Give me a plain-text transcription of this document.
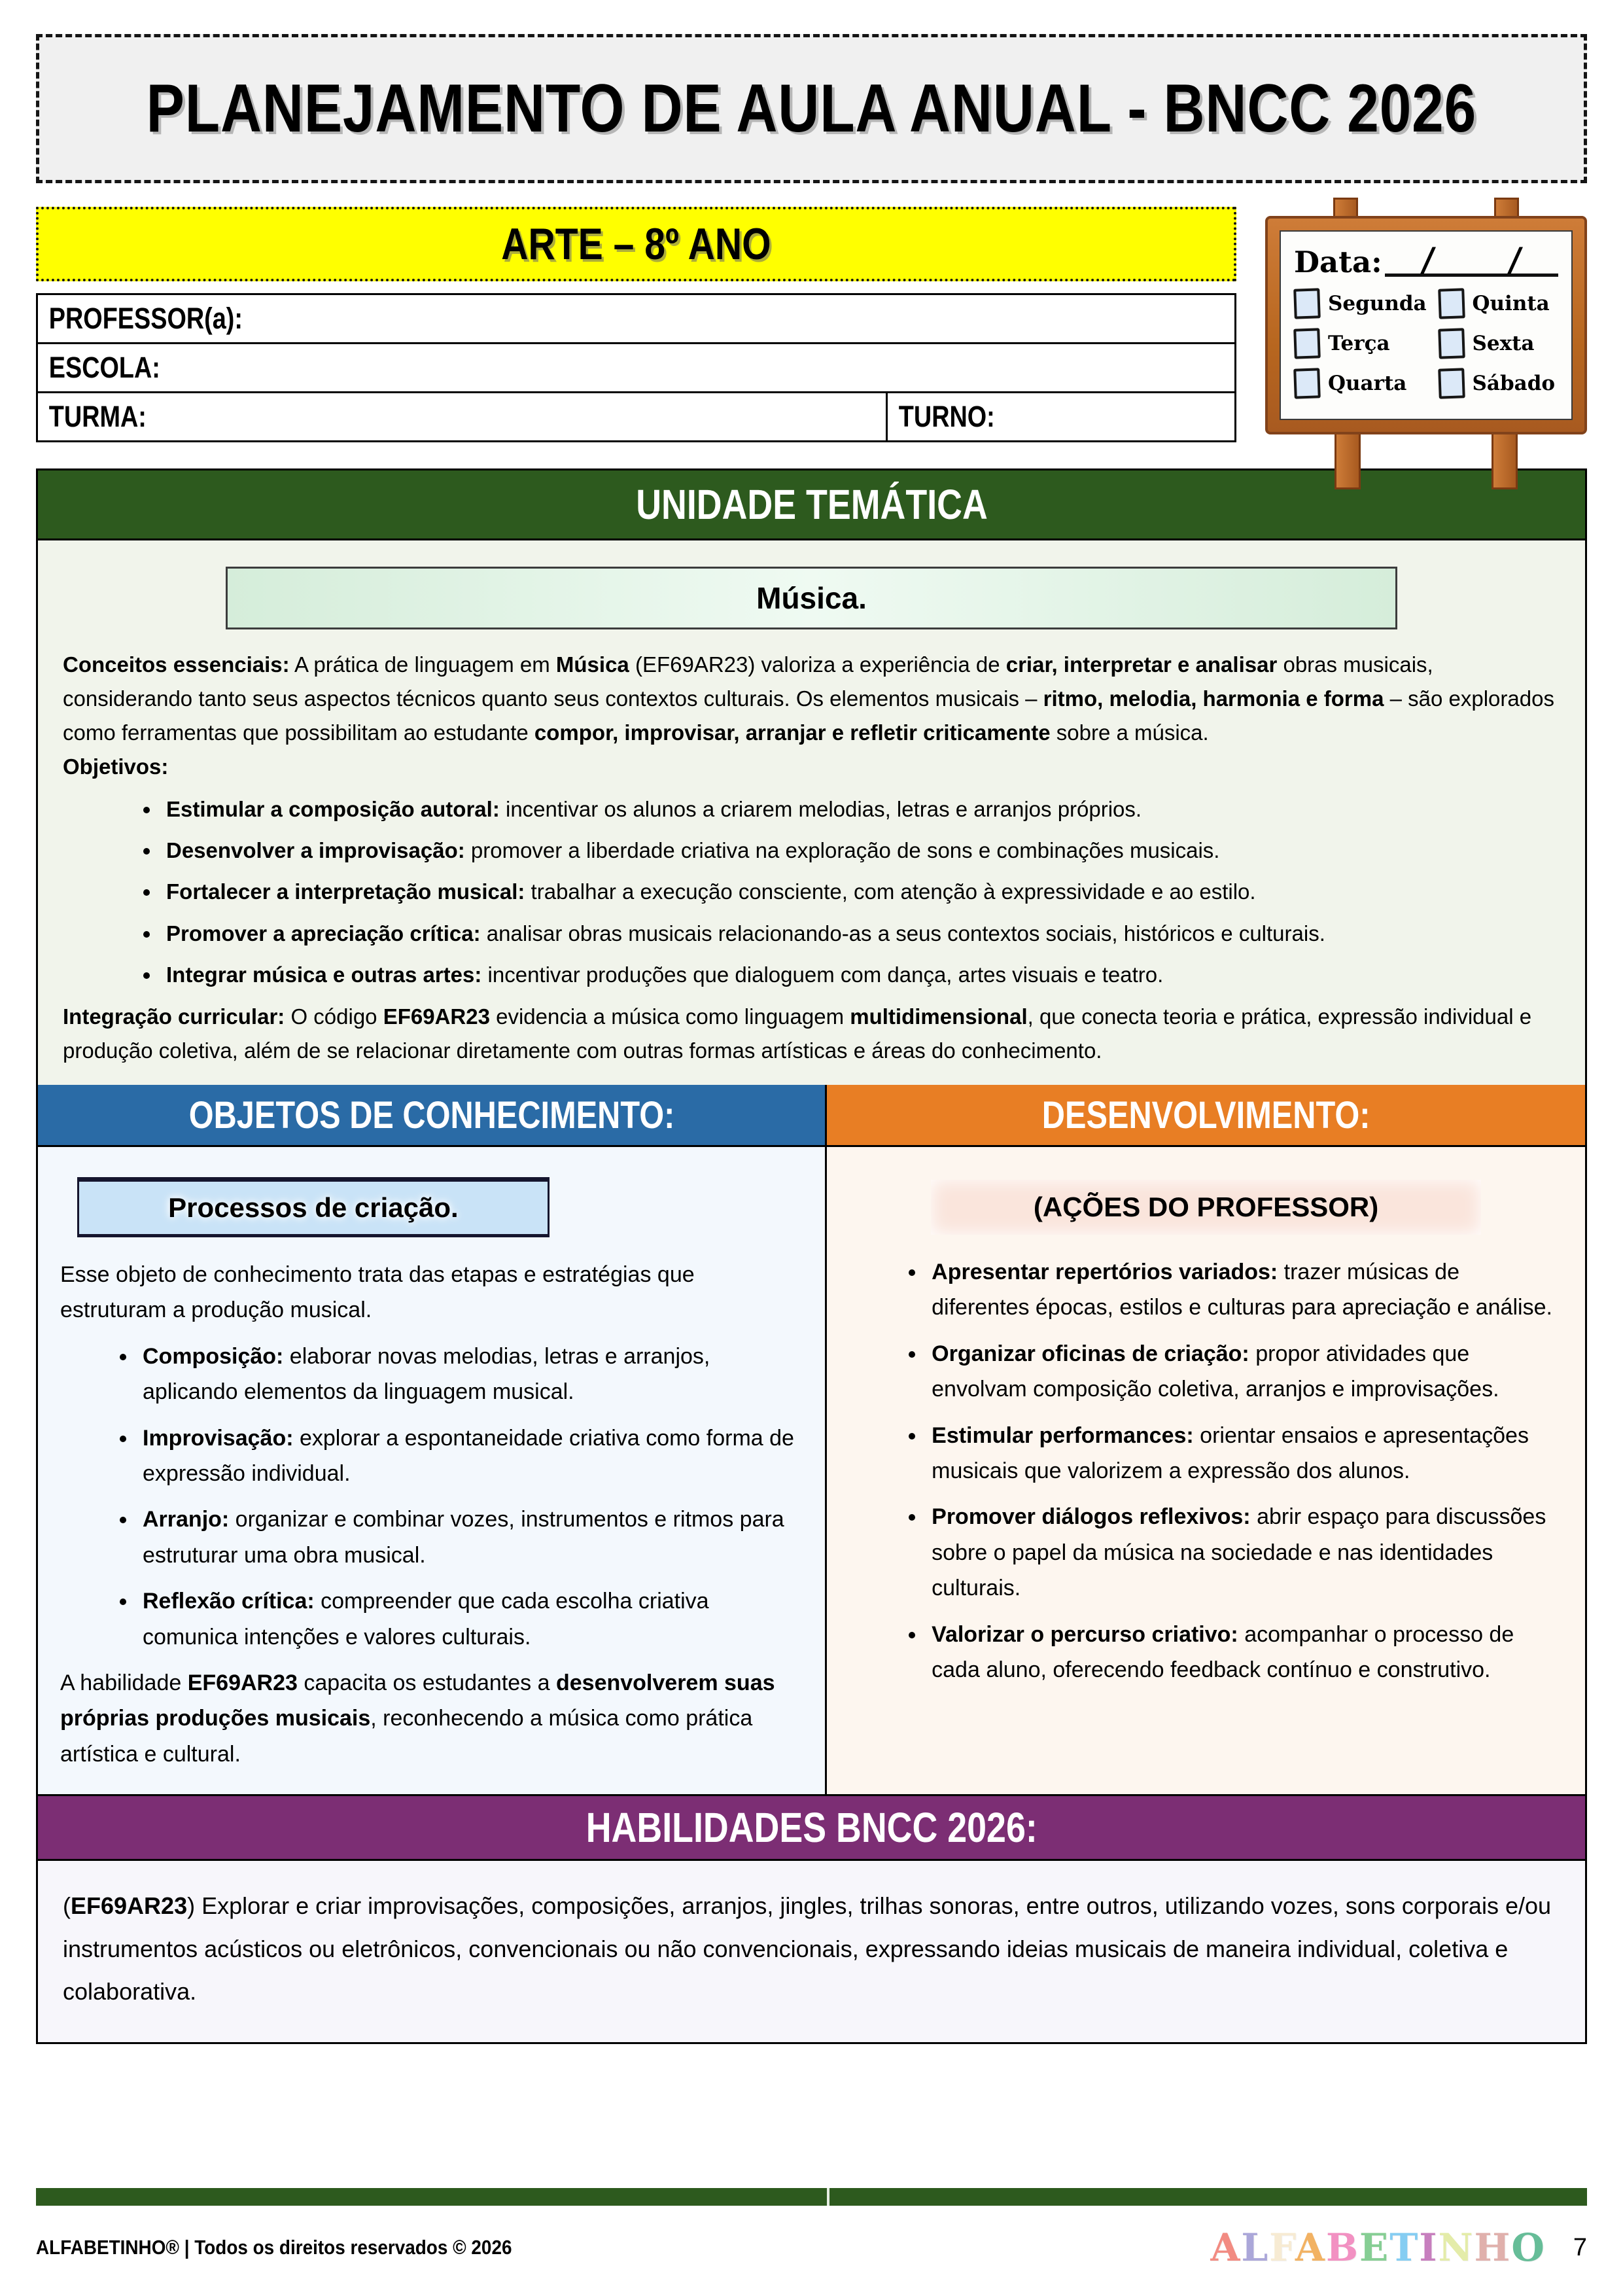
PLANEJAMENTO DE AULA ANUAL - BNCC 2026
ARTE – 8º ANO
PROFESSOR(a):
ESCOLA:
TURMA:	TURNO:
Data: / /
Segunda Quinta
Terça	Sexta
Quarta	Sábado
UNIDADE TEMÁTICA
Música.

Conceitos essenciais: A prática de linguagem em Música (EF69AR23) valoriza a experiência de criar, interpretar e analisar obras musicais, considerando tanto seus aspectos técnicos quanto seus contextos culturais. Os elementos musicais – ritmo, melodia, harmonia e forma – são explorados como ferramentas que possibilitam ao estudante compor, improvisar, arranjar e refletir criticamente sobre a música.

Objetivos:

• Estimular a composição autoral: incentivar os alunos a criarem melodias, letras e arranjos próprios.
• Desenvolver a improvisação: promover a liberdade criativa na exploração de sons e combinações musicais.
• Fortalecer a interpretação musical: trabalhar a execução consciente, com atenção à expressividade e ao estilo.
• Promover a apreciação crítica: analisar obras musicais relacionando-as a seus contextos sociais, históricos e culturais.
• Integrar música e outras artes: incentivar produções que dialoguem com dança, artes visuais e teatro.

Integração curricular: O código EF69AR23 evidencia a música como linguagem multidimensional, que conecta teoria e prática, expressão individual e produção coletiva, além de se relacionar diretamente com outras formas artísticas e áreas do conhecimento.

OBJETOS DE CONHECIMENTO:	DESENVOLVIMENTO:
Processos de criação.

Esse objeto de conhecimento trata das etapas e estratégias que estruturam a produção musical.

• Composição: elaborar novas melodias, letras e arranjos, aplicando elementos da linguagem musical.
• Improvisação: explorar a espontaneidade criativa como forma de expressão individual.
• Arranjo: organizar e combinar vozes, instrumentos e ritmos para estruturar uma obra musical.
• Reflexão crítica: compreender que cada escolha criativa comunica intenções e valores culturais.

A habilidade EF69AR23 capacita os estudantes a desenvolverem suas próprias produções musicais, reconhecendo a música como prática artística e cultural.

(AÇÕES DO PROFESSOR)
• Apresentar repertórios variados: trazer músicas de diferentes épocas, estilos e culturas para apreciação e análise.
• Organizar oficinas de criação: propor atividades que envolvam composição coletiva, arranjos e improvisações.
• Estimular performances: orientar ensaios e apresentações musicais que valorizem a expressão dos alunos.
• Promover diálogos reflexivos: abrir espaço para discussões sobre o papel da música na sociedade e nas identidades culturais.
• Valorizar o percurso criativo: acompanhar o processo de cada aluno, oferecendo feedback contínuo e construtivo.
HABILIDADES BNCC 2026:

(EF69AR23) Explorar e criar improvisações, composições, arranjos, jingles, trilhas sonoras, entre outros, utilizando vozes, sons corporais e/ou instrumentos acústicos ou eletrônicos, convencionais ou não convencionais, expressando ideias musicais de maneira individual, coletiva e colaborativa.

ALFABETINHO® | Todos os direitos reservados © 2026	ALFABETINHO 7
